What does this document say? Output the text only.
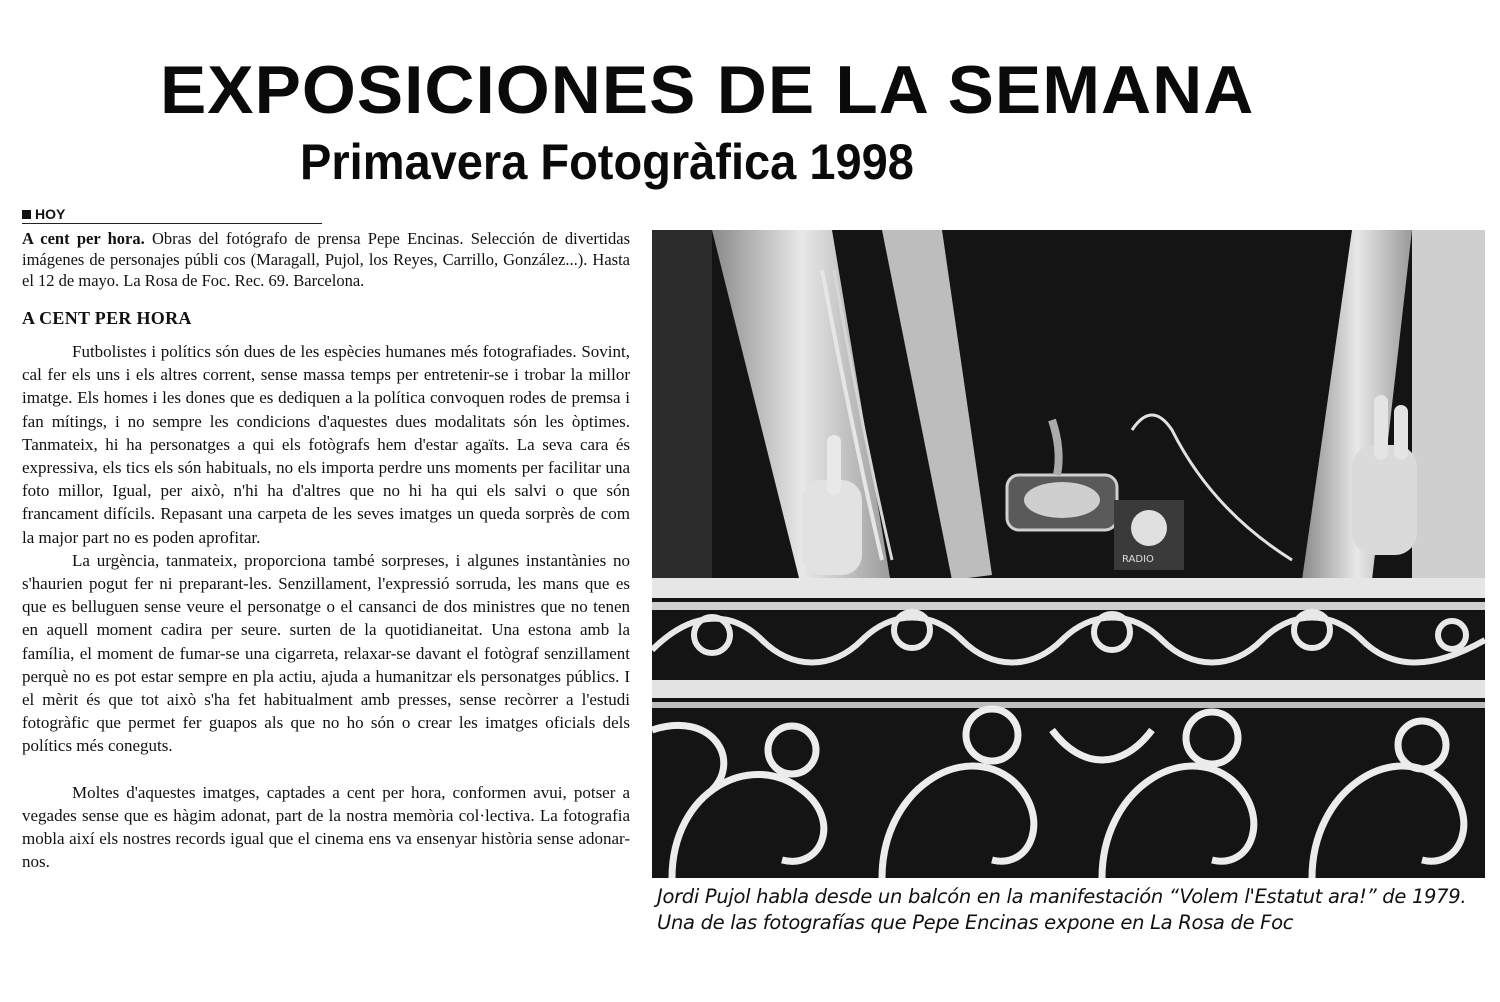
EXPOSICIONES DE LA SEMANA
Primavera Fotogràfica 1998
HOY
A cent per hora. Obras del fotógrafo de prensa Pepe Encinas. Selección de divertidas imágenes de personajes públi cos (Maragall, Pujol, los Reyes, Carrillo, González...). Hasta el 12 de mayo. La Rosa de Foc. Rec. 69. Barcelona.
A CENT PER HORA

Futbolistes i polítics són dues de les espècies humanes més fotografiades. Sovint, cal fer els uns i els altres corrent, sense massa temps per entretenir-se i trobar la millor imatge. Els homes i les dones que es dediquen a la política convoquen rodes de premsa i fan mítings, i no sempre les condicions d'aquestes dues modalitats són les òptimes. Tanmateix, hi ha personatges a qui els fotògrafs hem d'estar agaïts. La seva cara és expressiva, els tics els són habituals, no els importa perdre uns moments per facilitar una foto millor, Igual, per això, n'hi ha d'altres que no hi ha qui els salvi o que són francament difícils. Repasant una carpeta de les seves imatges un queda sorprès de com la major part no es poden aprofitar.

La urgència, tanmateix, proporciona també sorpreses, i algunes instantànies no s'haurien pogut fer ni preparant-les. Senzillament, l'expressió sorruda, les mans que es que es belluguen sense veure el personatge o el cansanci de dos ministres que no tenen en aquell moment cadira per seure. surten de la quotidianeitat. Una estona amb la família, el moment de fumar-se una cigarreta, relaxar-se davant el fotògraf senzillament perquè no es pot estar sempre en pla actiu, ajuda a humanitzar els personatges públics. I el mèrit és que tot això s'ha fet habitualment amb presses, sense recòrrer a l'estudi fotogràfic que permet fer guapos als que no ho són o crear les imatges oficials dels polítics més coneguts.

Moltes d'aquestes imatges, captades a cent per hora, conformen avui, potser a vegades sense que es hàgim adonat, part de la nostra memòria col·lectiva. La fotografia mobla així els nostres records igual que el cinema ens va ensenyar història sense adonar-nos.

RADIO
Jordi Pujol habla desde un balcón en la manifestación “Volem l'Estatut ara!” de 1979. Una de las fotografías que Pepe Encinas expone en La Rosa de Foc
